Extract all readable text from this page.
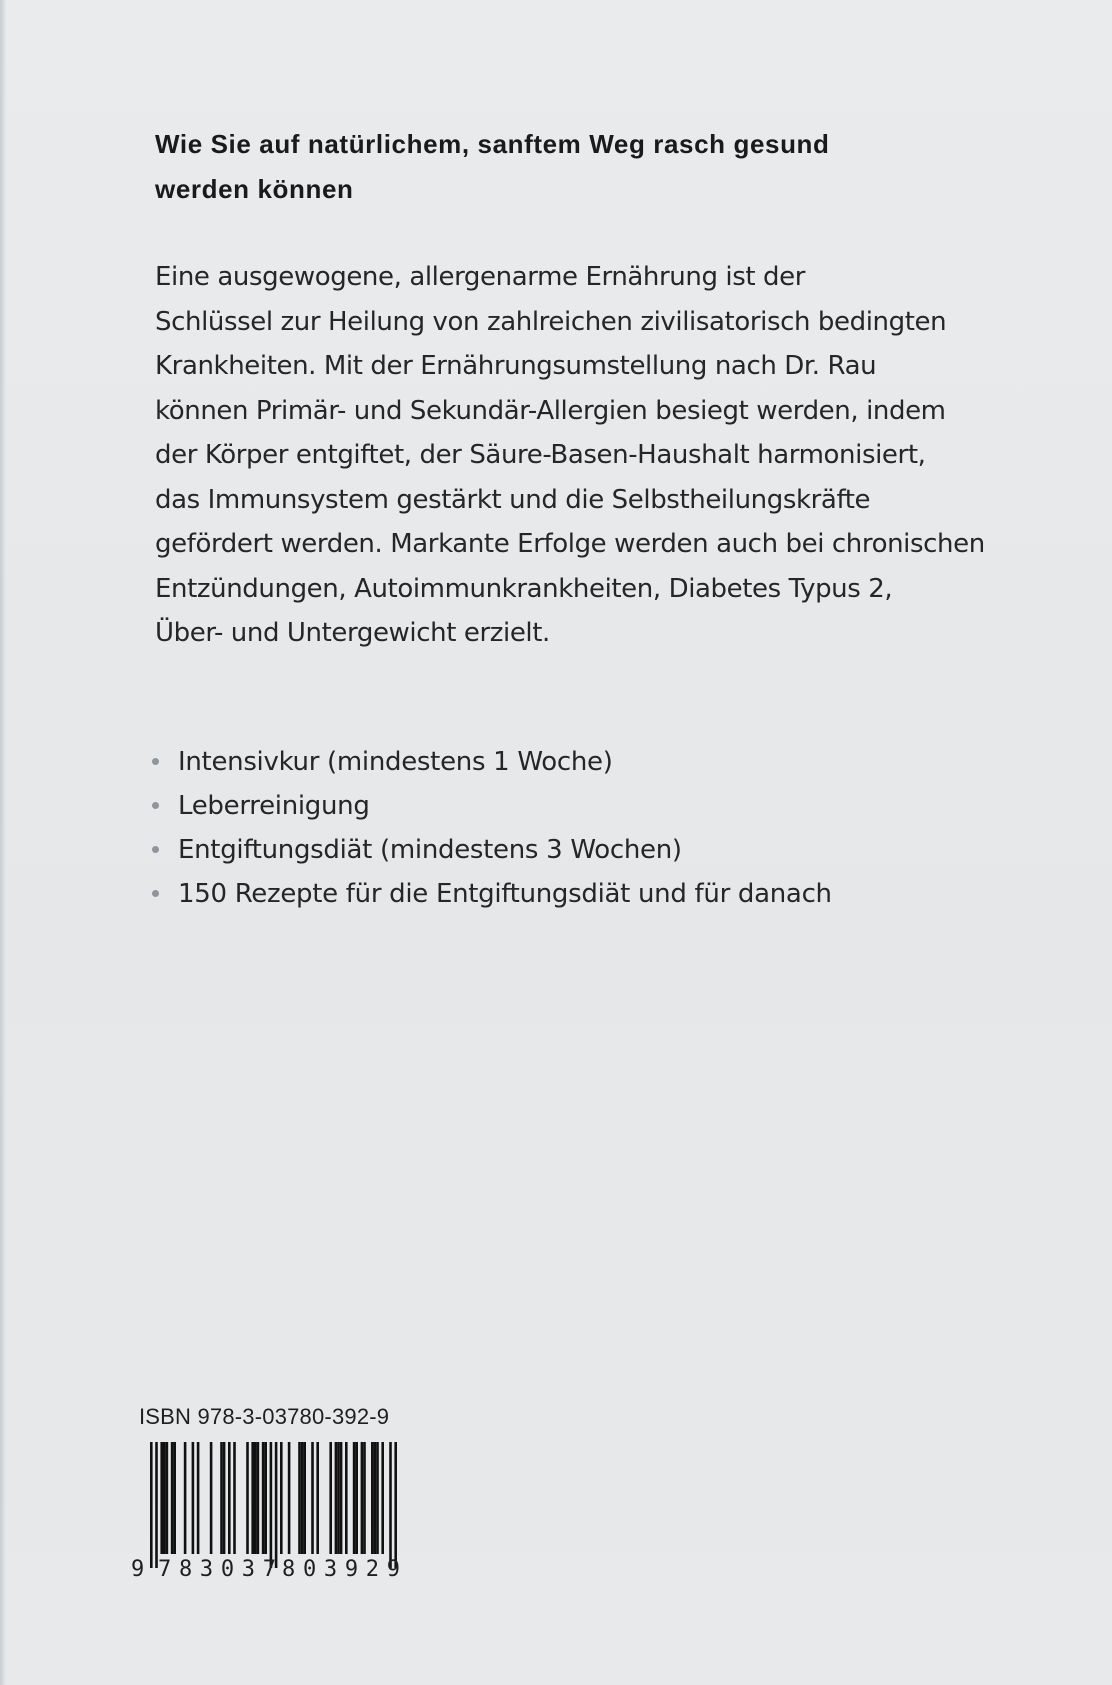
Wie Sie auf natürlichem, sanftem Weg rasch gesund
werden können

Eine ausgewogene, allergenarme Ernährung ist der
Schlüssel zur Heilung von zahlreichen zivilisatorisch bedingten
Krankheiten. Mit der Ernährungsumstellung nach Dr. Rau
können Primär- und Sekundär-Allergien besiegt werden, indem
der Körper entgiftet, der Säure-Basen-Haushalt harmonisiert,
das Immunsystem gestärkt und die Selbstheilungskräfte
gefördert werden. Markante Erfolge werden auch bei chronischen
Entzündungen, Autoimmunkrankheiten, Diabetes Typus 2,
Über- und Untergewicht erzielt.

Intensivkur (mindestens 1 Woche)
Leberreinigung
Entgiftungsdiät (mindestens 3 Wochen)
150 Rezepte für die Entgiftungsdiät und für danach

ISBN 978-3-03780-392-9

9 783037 803929
